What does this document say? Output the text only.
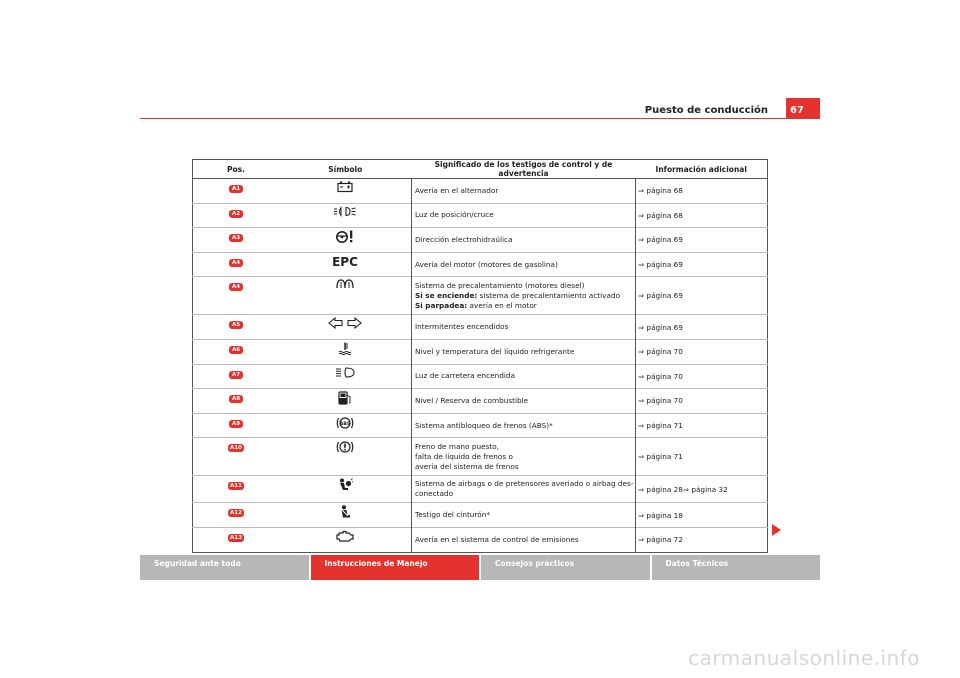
Puesto de conducción	67
Pos.	Símbolo	Significado de los testigos de control y de advertencia	Información adicional
A1		Avería en el alternador	⇒ página 68
A2		Luz de posición/cruce	⇒ página 68
A3		Dirección electrohidraúlica	⇒ página 69
A4	EPC	Avería del motor (motores de gasolina)	⇒ página 69
A4		Sistema de precalentamiento (motores diesel)
Si se enciende: sistema de precalentamiento activado
Si parpadea: avería en el motor	⇒ página 69
A5		Intermitentes encendidos	⇒ página 69
A6		Nivel y temperatura del líquido refrigerante	⇒ página 70
A7		Luz de carretera encendida	⇒ página 70
A8		Nivel / Reserva de combustible	⇒ página 70
A9	ABS	Sistema antibloqueo de frenos (ABS)*	⇒ página 71
A10		Freno de mano puesto,
falta de líquido de frenos o
avería del sistema de frenos	⇒ página 71
A11		Sistema de airbags o de pretensores averiado o airbag des-
conectado	⇒ página 28⇒ página 32
A12		Testigo del cinturón*	⇒ página 18
A13		Avería en el sistema de control de emisiones	⇒ página 72
Seguridad ante todo	Instrucciones de Manejo	Consejos prácticos	Datos Técnicos
carmanualsonline.info
